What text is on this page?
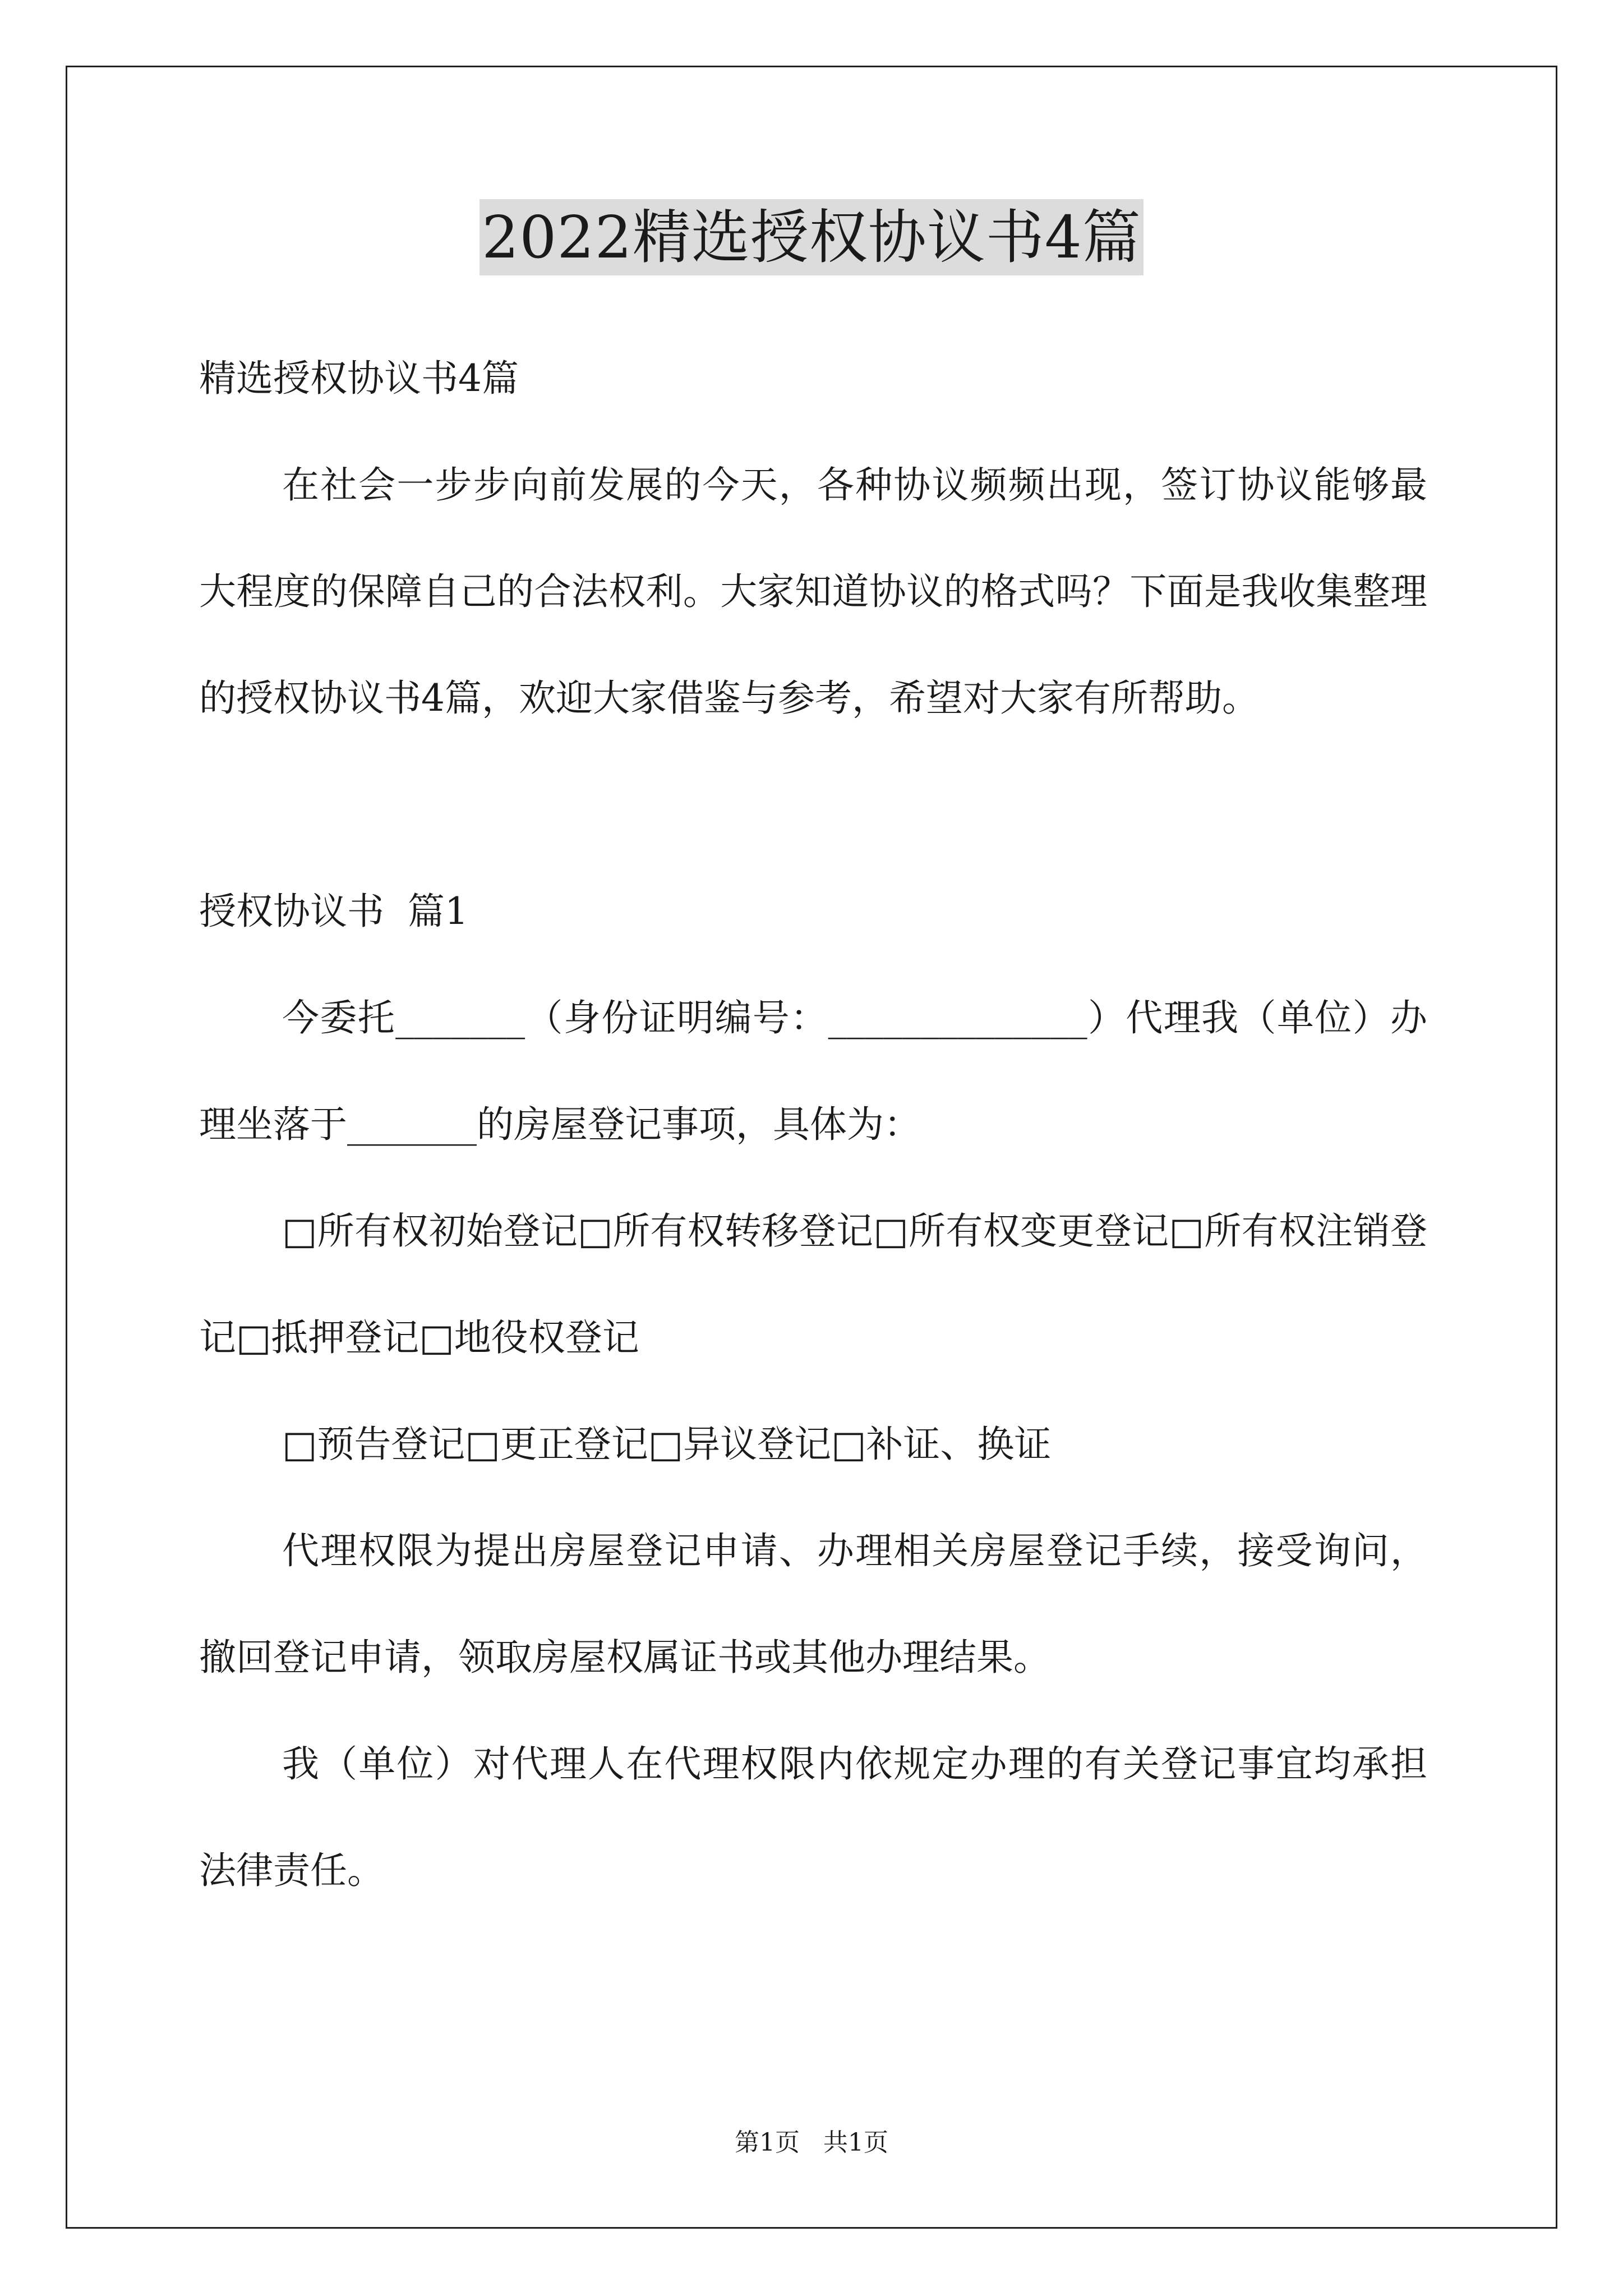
2022精选授权协议书4篇

精选授权协议书4篇

在社会一步步向前发展的今天，各种协议频频出现，签订协议能够最大程度的保障自己的合法权利。大家知道协议的格式吗？下面是我收集整理的授权协议书4篇，欢迎大家借鉴与参考，希望对大家有所帮助。

授权协议书  篇1

今委托_______（身份证明编号：______________）代理我（单位）办理坐落于_______的房屋登记事项，具体为：

□所有权初始登记□所有权转移登记□所有权变更登记□所有权注销登记□抵押登记□地役权登记

□预告登记□更正登记□异议登记□补证、换证

代理权限为提出房屋登记申请、办理相关房屋登记手续，接受询问，撤回登记申请，领取房屋权属证书或其他办理结果。

我（单位）对代理人在代理权限内依规定办理的有关登记事宜均承担法律责任。

第1页   共1页
